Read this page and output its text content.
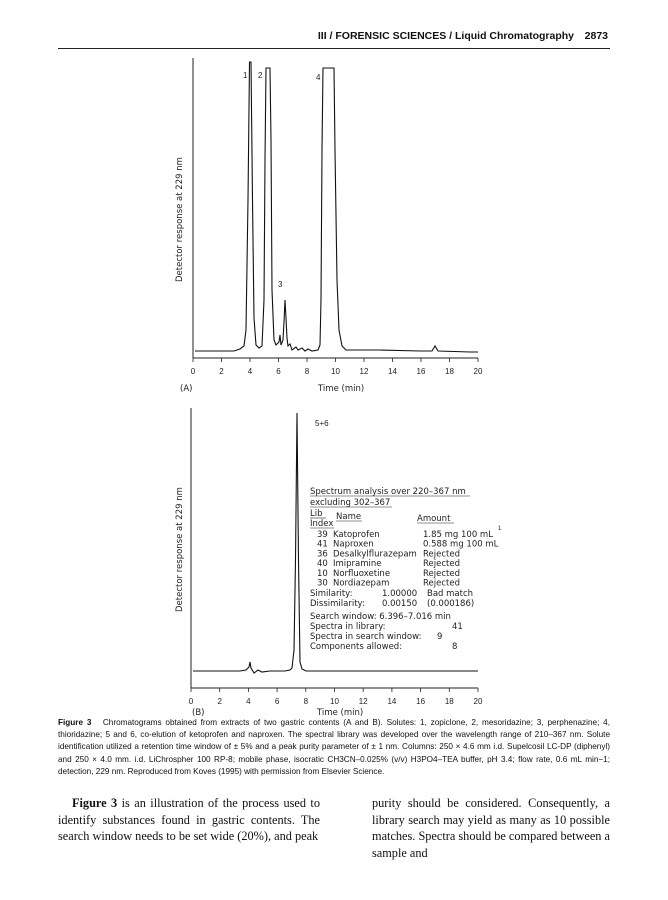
III / FORENSIC SCIENCES / Liquid Chromatography 2873
0	2	4	6	8	10 12 14 16 18 20
Detector response at 229 nm
Time (min)
(A)
1 2
3
4
0	2	4	6	8	10 12 14 16 18 20
Detector response at 229 nm
Time (min)
(B)
5+6
Spectrum analysis over 220–367 nm
excluding 302–367
Lib Name	Amount
Index	1
39 Katoprofen	1.85 mg 100 mL
41 Naproxen	0.588 mg 100 mL
36 Desalkylflurazepam Rejected
40 Imipramine	Rejected
10 Norfluoxetine	Rejected
30 Nordiazepam	Rejected
Similarity:	1.00000 Bad match
Dissimilarity: 0.00150 (0.000186)
Search window: 6.396–7.016 min
Spectra in library:	41
Spectra in search window: 9
Components allowed:	8
Figure 3 Chromatograms obtained from extracts of two gastric contents (A and B). Solutes: 1, zopiclone, 2, mesoridazine; 3, perphenazine; 4, thioridazine; 5 and 6, co-elution of ketoprofen and naproxen. The spectral library was developed over the wavelength range of 210–367 nm. Solute identification utilized a retention time window of ± 5% and a peak purity parameter of ± 1 nm. Columns: 250 × 4.6 mm i.d. Supelcosil LC-DP (diphenyl) and 250 × 4.0 mm. i.d. LiChrospher 100 RP-8; mobile phase, isocratic CH3CN–0.025% (v/v) H3PO4–TEA buffer, pH 3.4; flow rate, 0.6 mL min−1; detection, 229 nm. Reproduced from Koves (1995) with permission from Elsevier Science.
Figure 3 is an illustration of the process used to identify substances found in gastric contents. The search window needs to be set wide (20%), and peak
purity should be considered. Consequently, a library search may yield as many as 10 possible matches. Spectra should be compared between a sample and
